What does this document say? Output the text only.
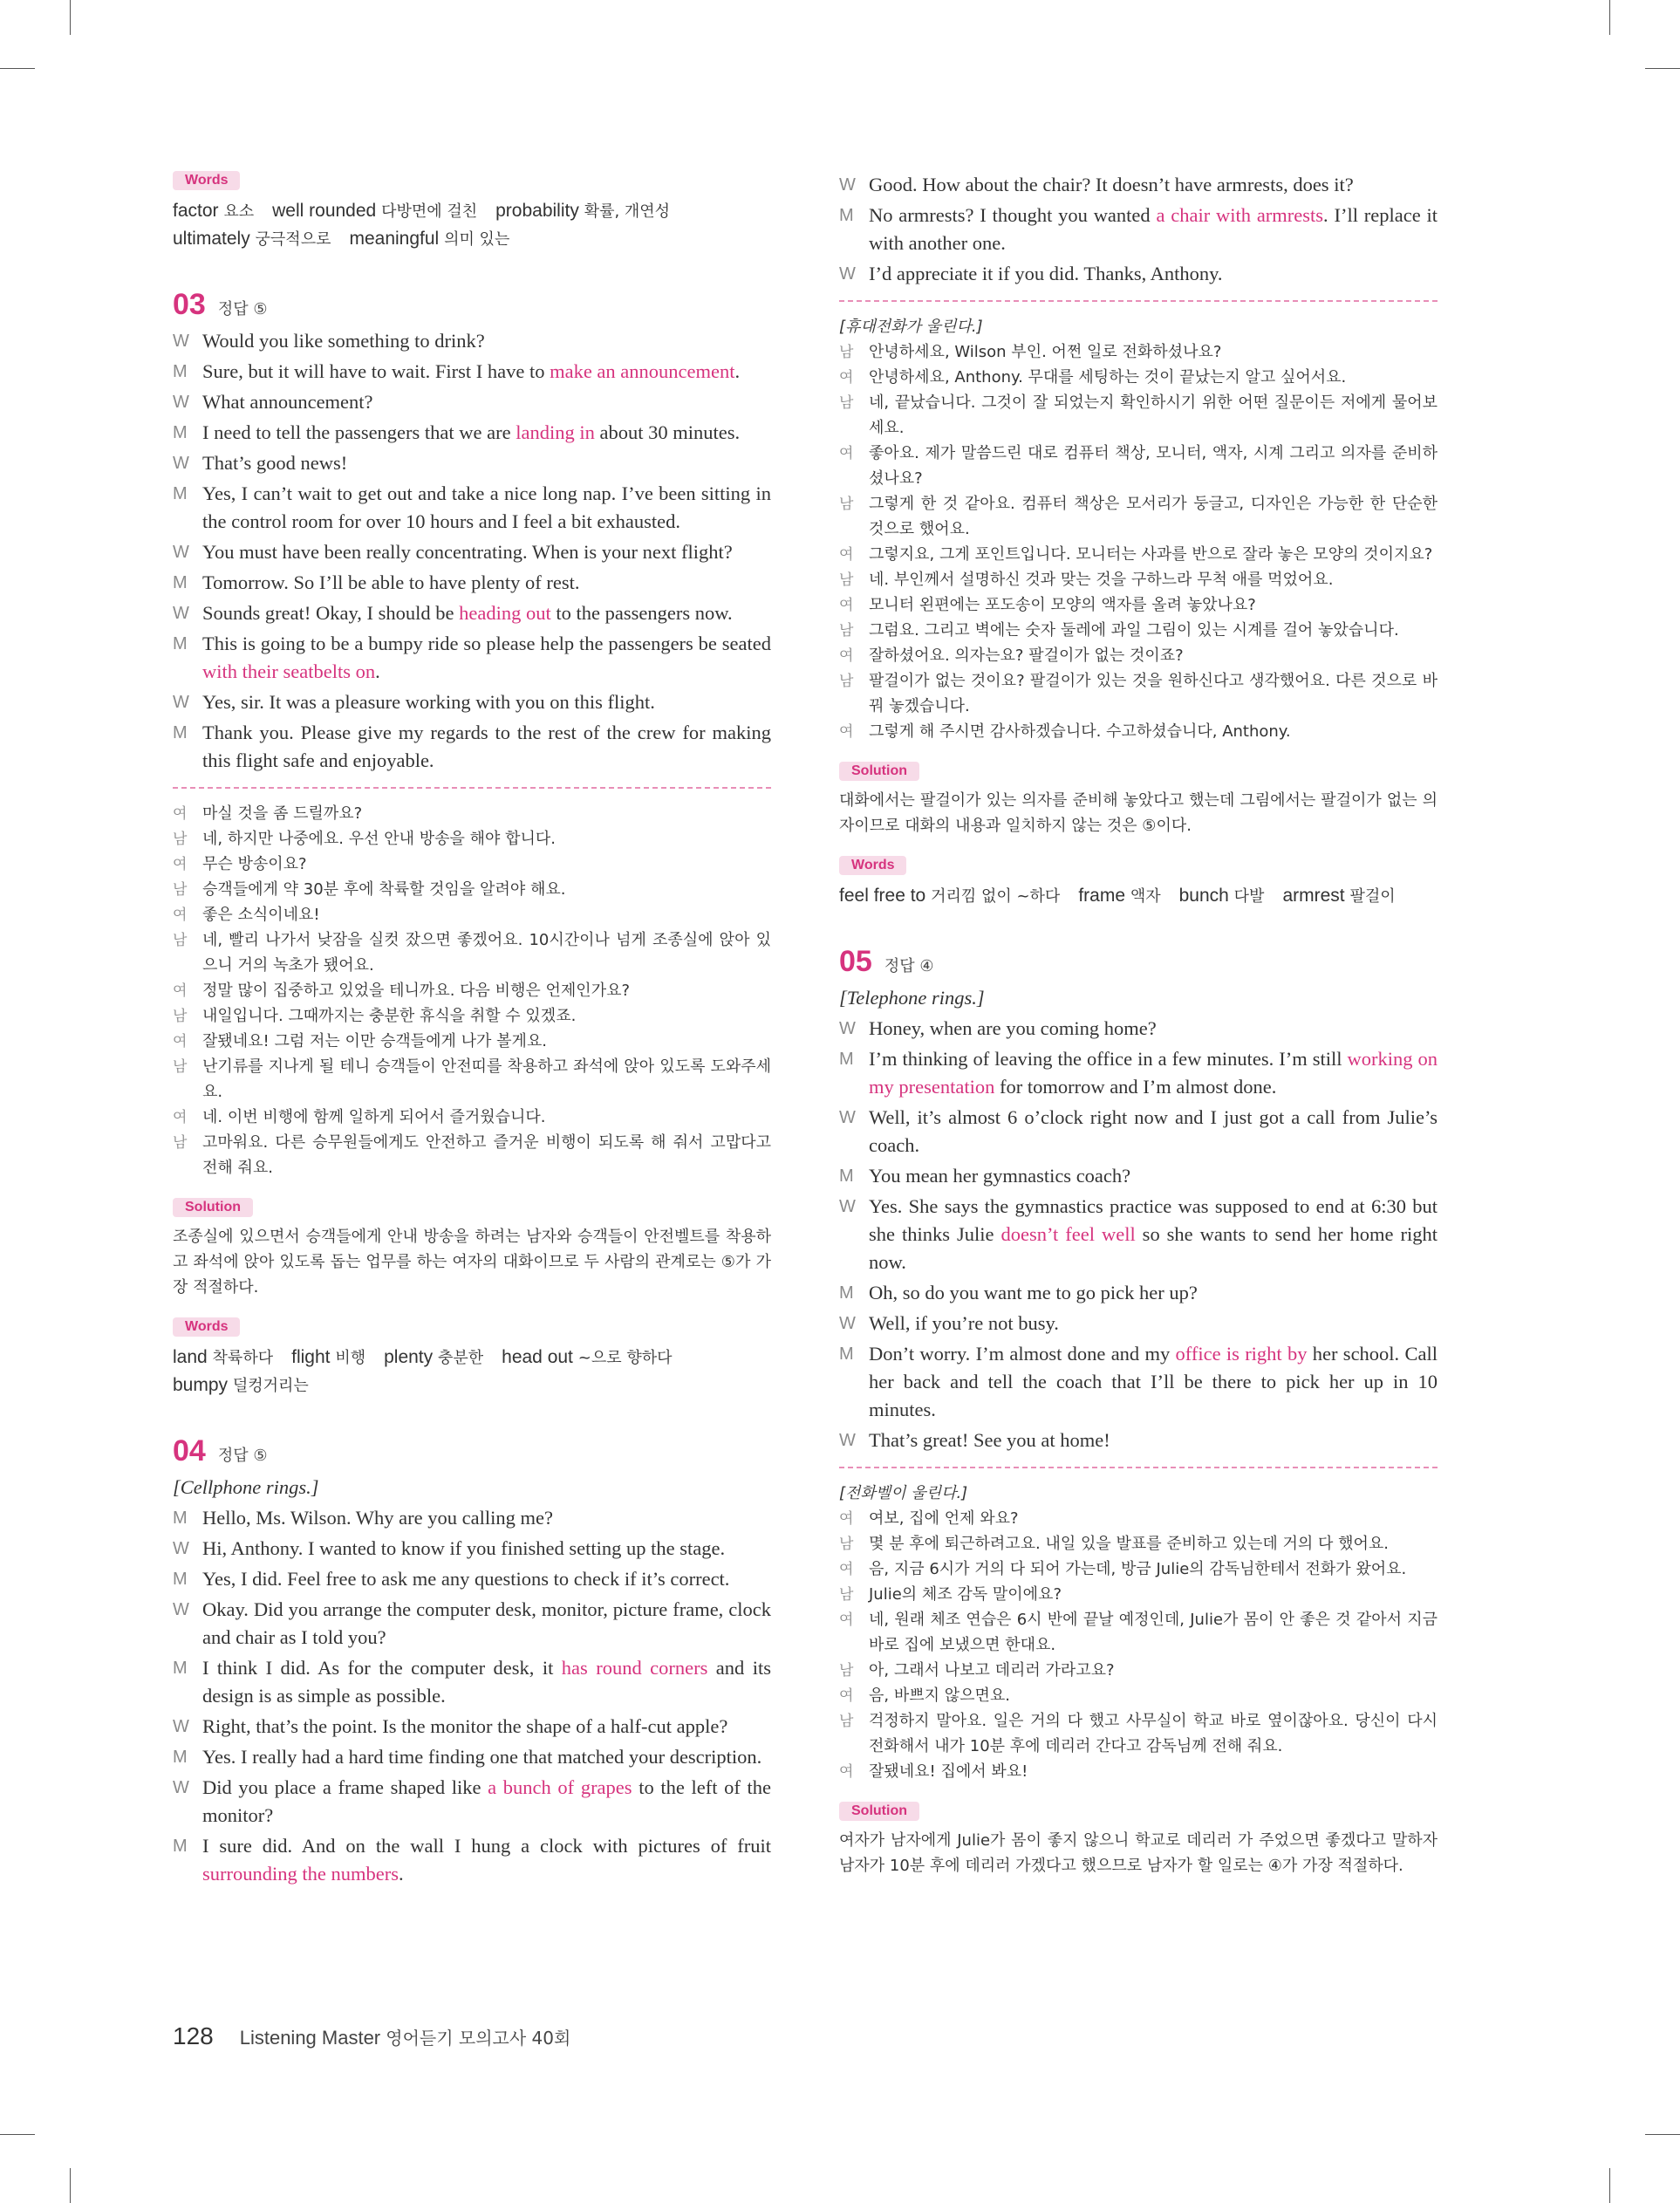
Words
factor 요소  well rounded 다방면에 걸친  probability 확률, 개연성
ultimately 궁극적으로  meaningful 의미 있는 
03 정답 ⑤
W Would you like something to drink?
M Sure, but it will have to wait. First I have to make an announcement.
W What announcement?
M I need to tell the passengers that we are landing in about 30 minutes.
W That’s good news!
M Yes, I can’t wait to get out and take a nice long nap. I’ve been sitting in the control room for over 10 hours and I feel a bit exhausted.
W You must have been really concentrating. When is your next flight?
M Tomorrow. So I’ll be able to have plenty of rest.
W Sounds great! Okay, I should be heading out to the passengers now.
M This is going to be a bumpy ride so please help the passengers be seated with their seatbelts on.
W Yes, sir. It was a pleasure working with you on this flight.
M Thank you. Please give my regards to the rest of the crew for making this flight safe and enjoyable.
여 마실 것을 좀 드릴까요?
남 네, 하지만 나중에요. 우선 안내 방송을 해야 합니다.
여 무슨 방송이요?
남 승객들에게 약 30분 후에 착륙할 것임을 알려야 해요.
여 좋은 소식이네요!
남 네, 빨리 나가서 낮잠을 실컷 잤으면 좋겠어요. 10시간이나 넘게 조종실에 앉아 있으니 거의 녹초가 됐어요.
여 정말 많이 집중하고 있었을 테니까요. 다음 비행은 언제인가요?
남 내일입니다. 그때까지는 충분한 휴식을 취할 수 있겠죠.
여 잘됐네요! 그럼 저는 이만 승객들에게 나가 볼게요.
남 난기류를 지나게 될 테니 승객들이 안전띠를 착용하고 좌석에 앉아 있도록 도와주세요.
여 네. 이번 비행에 함께 일하게 되어서 즐거웠습니다.
남 고마워요. 다른 승무원들에게도 안전하고 즐거운 비행이 되도록 해 줘서 고맙다고 전해 줘요.
Solution
조종실에 있으면서 승객들에게 안내 방송을 하려는 남자와 승객들이 안전벨트를 착용하고 좌석에 앉아 있도록 돕는 업무를 하는 여자의 대화이므로 두 사람의 관계로는 ⑤가 가장 적절하다.
Words
land 착륙하다  flight 비행  plenty 충분한  head out ~으로 향하다
bumpy 덜컹거리는 
04 정답 ⑤
[Cellphone rings.]
M Hello, Ms. Wilson. Why are you calling me?
W Hi, Anthony. I wanted to know if you finished setting up the stage.
M Yes, I did. Feel free to ask me any questions to check if it’s correct.
W Okay. Did you arrange the computer desk, monitor, picture frame, clock and chair as I told you?
M I think I did. As for the computer desk, it has round corners and its design is as simple as possible.
W Right, that’s the point. Is the monitor the shape of a half-cut apple?
M Yes. I really had a hard time finding one that matched your description.
W Did you place a frame shaped like a bunch of grapes to the left of the monitor?
M I sure did. And on the wall I hung a clock with pictures of fruit surrounding the numbers.
W Good. How about the chair? It doesn’t have armrests, does it?
M No armrests? I thought you wanted a chair with armrests. I’ll replace it with another one.
W I’d appreciate it if you did. Thanks, Anthony.
[휴대전화가 울린다.]
남 안녕하세요, Wilson 부인. 어쩐 일로 전화하셨나요?
여 안녕하세요, Anthony. 무대를 세팅하는 것이 끝났는지 알고 싶어서요.
남 네, 끝났습니다. 그것이 잘 되었는지 확인하시기 위한 어떤 질문이든 저에게 물어보세요.
여 좋아요. 제가 말씀드린 대로 컴퓨터 책상, 모니터, 액자, 시계 그리고 의자를 준비하셨나요?
남 그렇게 한 것 같아요. 컴퓨터 책상은 모서리가 둥글고, 디자인은 가능한 한 단순한 것으로 했어요.
여 그렇지요, 그게 포인트입니다. 모니터는 사과를 반으로 잘라 놓은 모양의 것이지요?
남 네. 부인께서 설명하신 것과 맞는 것을 구하느라 무척 애를 먹었어요.
여 모니터 왼편에는 포도송이 모양의 액자를 올려 놓았나요?
남 그럼요. 그리고 벽에는 숫자 둘레에 과일 그림이 있는 시계를 걸어 놓았습니다.
여 잘하셨어요. 의자는요? 팔걸이가 없는 것이죠?
남 팔걸이가 없는 것이요? 팔걸이가 있는 것을 원하신다고 생각했어요. 다른 것으로 바꿔 놓겠습니다.
여 그렇게 해 주시면 감사하겠습니다. 수고하셨습니다, Anthony.
Solution
대화에서는 팔걸이가 있는 의자를 준비해 놓았다고 했는데 그림에서는 팔걸이가 없는 의자이므로 대화의 내용과 일치하지 않는 것은 ⑤이다.
Words
feel free to 거리낌 없이 ~하다  frame 액자  bunch 다발  armrest 팔걸이 
05 정답 ④
[Telephone rings.]
W Honey, when are you coming home?
M I’m thinking of leaving the office in a few minutes. I’m still working on my presentation for tomorrow and I’m almost done.
W Well, it’s almost 6 o’clock right now and I just got a call from Julie’s coach.
M You mean her gymnastics coach?
W Yes. She says the gymnastics practice was supposed to end at 6:30 but she thinks Julie doesn’t feel well so she wants to send her home right now.
M Oh, so do you want me to go pick her up?
W Well, if you’re not busy.
M Don’t worry. I’m almost done and my office is right by her school. Call her back and tell the coach that I’ll be there to pick her up in 10 minutes.
W That’s great! See you at home!
[전화벨이 울린다.]
여 여보, 집에 언제 와요?
남 몇 분 후에 퇴근하려고요. 내일 있을 발표를 준비하고 있는데 거의 다 했어요.
여 음, 지금 6시가 거의 다 되어 가는데, 방금 Julie의 감독님한테서 전화가 왔어요.
남 Julie의 체조 감독 말이에요?
여 네, 원래 체조 연습은 6시 반에 끝날 예정인데, Julie가 몸이 안 좋은 것 같아서 지금 바로 집에 보냈으면 한대요.
남 아, 그래서 나보고 데리러 가라고요?
여 음, 바쁘지 않으면요.
남 걱정하지 말아요. 일은 거의 다 했고 사무실이 학교 바로 옆이잖아요. 당신이 다시 전화해서 내가 10분 후에 데리러 간다고 감독님께 전해 줘요.
여 잘됐네요! 집에서 봐요!
Solution
여자가 남자에게 Julie가 몸이 좋지 않으니 학교로 데리러 가 주었으면 좋겠다고 말하자 남자가 10분 후에 데리러 가겠다고 했으므로 남자가 할 일로는 ④가 가장 적절하다.
128 Listening Master 영어듣기 모의고사 40회
